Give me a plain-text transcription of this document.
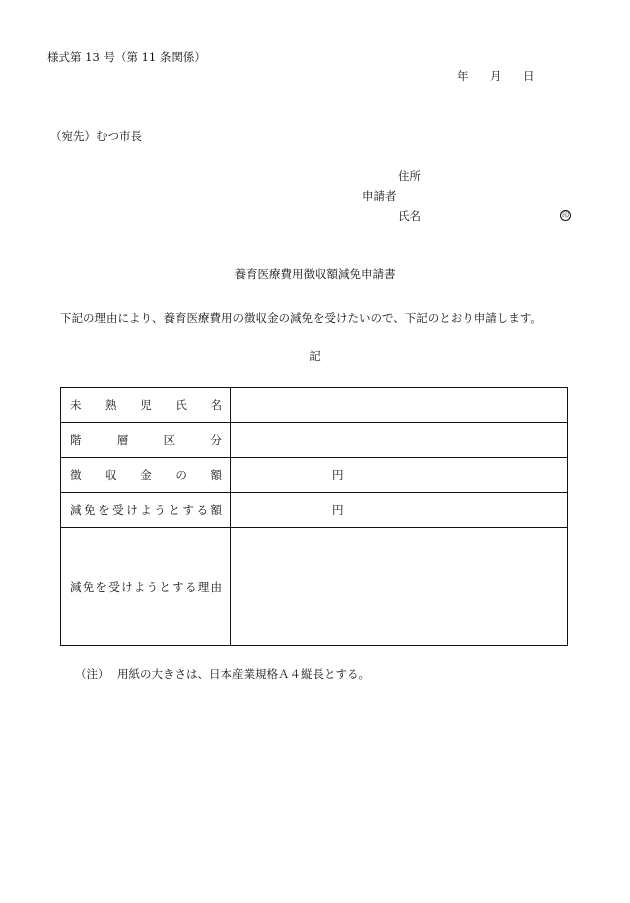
様式第 13 号（第 11 条関係）
年	月	日
（宛先）むつ市長
住所
申請者
氏名	印
養育医療費用徴収額減免申請書
下記の理由により、養育医療費用の徴収金の減免を受けたいので、下記のとおり申請します。
記
未熟児氏名	
階層区分	
徴収金の額	円

減免を受けようとする額	円

減免を受けようとする理由	
（注） 用紙の大きさは、日本産業規格Ａ４縦長とする。
